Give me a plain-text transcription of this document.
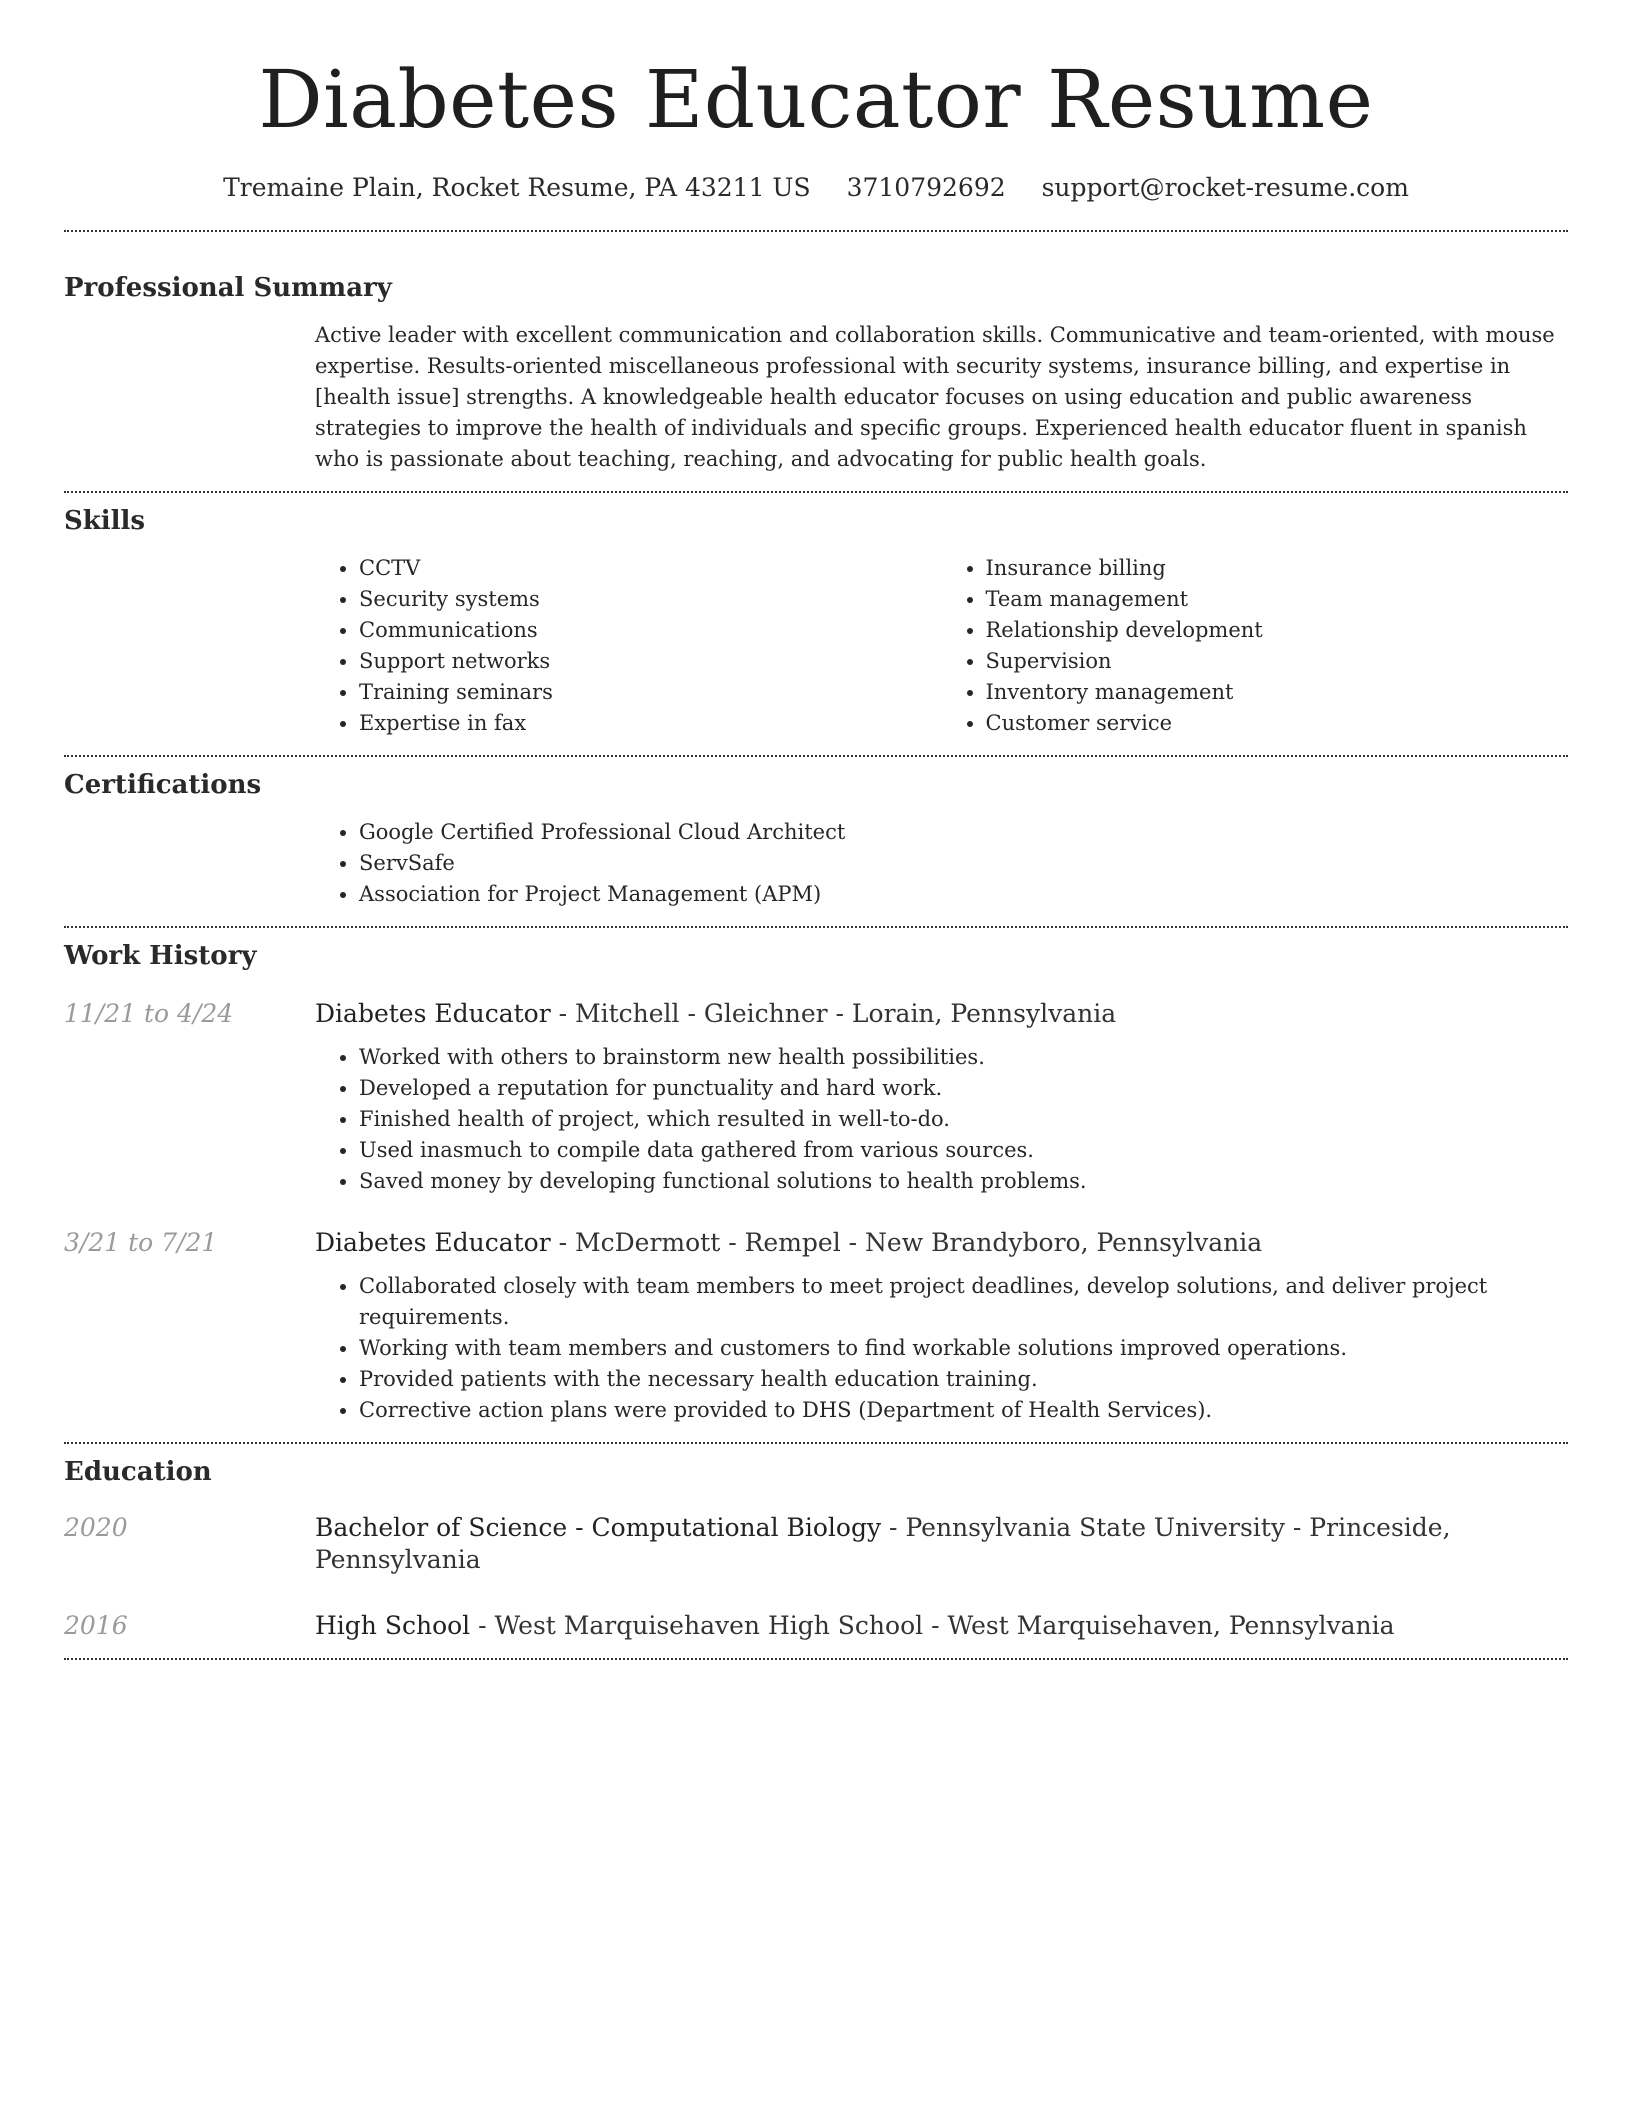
Diabetes Educator Resume
Tremaine Plain, Rocket Resume, PA 43211 US 3710792692 support@rocket-resume.com
Professional Summary
Active leader with excellent communication and collaboration skills. Communicative and team-oriented, with mouse expertise. Results-oriented miscellaneous professional with security systems, insurance billing, and expertise in [health issue] strengths. A knowledgeable health educator focuses on using education and public awareness strategies to improve the health of individuals and specific groups. Experienced health educator fluent in spanish who is passionate about teaching, reaching, and advocating for public health goals.
Skills
• CCTV
• Security systems
• Communications
• Support networks
• Training seminars
• Expertise in fax
• Insurance billing
• Team management
• Relationship development
• Supervision
• Inventory management
• Customer service
Certifications
• Google Certified Professional Cloud Architect
• ServSafe
• Association for Project Management (APM)
Work History
11/21 to 4/24	Diabetes Educator - Mitchell - Gleichner - Lorain, Pennsylvania
• Worked with others to brainstorm new health possibilities.
• Developed a reputation for punctuality and hard work.
• Finished health of project, which resulted in well-to-do.
• Used inasmuch to compile data gathered from various sources.
• Saved money by developing functional solutions to health problems.
3/21 to 7/21	Diabetes Educator - McDermott - Rempel - New Brandyboro, Pennsylvania
• Collaborated closely with team members to meet project deadlines, develop solutions, and deliver project requirements.
• Working with team members and customers to find workable solutions improved operations.
• Provided patients with the necessary health education training.
• Corrective action plans were provided to DHS (Department of Health Services).
Education
2020	Bachelor of Science - Computational Biology - Pennsylvania State University - Princeside, Pennsylvania
2016	High School - West Marquisehaven High School - West Marquisehaven, Pennsylvania
